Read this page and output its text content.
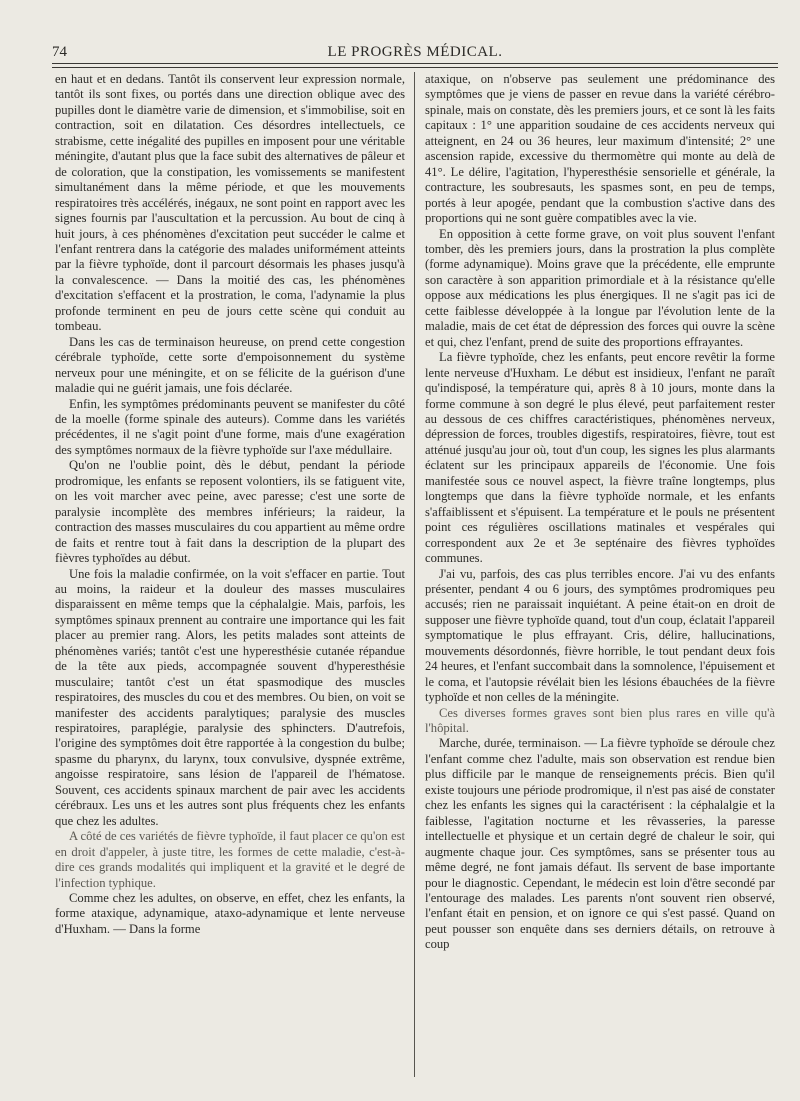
74	LE PROGRÈS MÉDICAL.

en haut et en dedans. Tantôt ils conservent leur expression normale, tantôt ils sont fixes, ou portés dans une direction oblique avec des pupilles dont le diamètre varie de dimension, et s'immobilise, soit en contraction, soit en dilatation. Ces désordres intellectuels, ce strabisme, cette inégalité des pupilles en imposent pour une véritable méningite, d'autant plus que la face subit des alternatives de pâleur et de coloration, que la constipation, les vomissements se manifestent simultanément dans la même période, et que les mouvements respiratoires très accélérés, inégaux, ne sont point en rapport avec les signes fournis par l'auscultation et la percussion. Au bout de cinq à huit jours, à ces phénomènes d'excitation peut succéder le calme et l'enfant rentrera dans la catégorie des malades uniformément atteints par la fièvre typhoïde, dont il parcourt désormais les phases jusqu'à la convalescence. — Dans la moitié des cas, les phénomènes d'excitation s'effacent et la prostration, le coma, l'adynamie la plus profonde terminent en peu de jours cette scène qui conduit au tombeau.

Dans les cas de terminaison heureuse, on prend cette congestion cérébrale typhoïde, cette sorte d'empoisonnement du système nerveux pour une méningite, et on se félicite de la guérison d'une maladie qui ne guérit jamais, une fois déclarée.

Enfin, les symptômes prédominants peuvent se manifester du côté de la moelle (forme spinale des auteurs). Comme dans les variétés précédentes, il ne s'agit point d'une forme, mais d'une exagération des symptômes normaux de la fièvre typhoïde sur l'axe médullaire.

Qu'on ne l'oublie point, dès le début, pendant la période prodromique, les enfants se reposent volontiers, ils se fatiguent vite, on les voit marcher avec peine, avec paresse; c'est une sorte de paralysie incomplète des membres inférieurs; la raideur, la contraction des masses musculaires du cou appartient au même ordre de faits et rentre tout à fait dans la description de la plupart des fièvres typhoïdes au début.

Une fois la maladie confirmée, on la voit s'effacer en partie. Tout au moins, la raideur et la douleur des masses musculaires disparaissent en même temps que la céphalalgie. Mais, parfois, les symptômes spinaux prennent au contraire une importance qui les fait placer au premier rang. Alors, les petits malades sont atteints de phénomènes variés; tantôt c'est une hyperesthésie cutanée répandue de la tête aux pieds, accompagnée souvent d'hyperesthésie musculaire; tantôt c'est un état spasmodique des muscles respiratoires, des muscles du cou et des membres. Ou bien, on voit se manifester des accidents paralytiques; paralysie des muscles respiratoires, paraplégie, paralysie des sphincters. D'autrefois, l'origine des symptômes doit être rapportée à la congestion du bulbe; spasme du pharynx, du larynx, toux convulsive, dyspnée extrême, angoisse respiratoire, sans lésion de l'appareil de l'hématose. Souvent, ces accidents spinaux marchent de pair avec les accidents cérébraux. Les uns et les autres sont plus fréquents chez les enfants que chez les adultes.

A côté de ces variétés de fièvre typhoïde, il faut placer ce qu'on est en droit d'appeler, à juste titre, les formes de cette maladie, c'est-à-dire ces grands modalités qui impliquent et la gravité et le degré de l'infection typhique.

Comme chez les adultes, on observe, en effet, chez les enfants, la forme ataxique, adynamique, ataxo-adynamique et lente nerveuse d'Huxham. — Dans la forme

ataxique, on n'observe pas seulement une prédominance des symptômes que je viens de passer en revue dans la variété cérébro-spinale, mais on constate, dès les premiers jours, et ce sont là les faits capitaux : 1° une apparition soudaine de ces accidents nerveux qui atteignent, en 24 ou 36 heures, leur maximum d'intensité; 2° une ascension rapide, excessive du thermomètre qui monte au delà de 41°. Le délire, l'agitation, l'hyperesthésie sensorielle et générale, la contracture, les soubresauts, les spasmes sont, en peu de temps, portés à leur apogée, pendant que la combustion s'active dans des proportions qui ne sont guère compatibles avec la vie.

En opposition à cette forme grave, on voit plus souvent l'enfant tomber, dès les premiers jours, dans la prostration la plus complète (forme adynamique). Moins grave que la précédente, elle emprunte son caractère à son apparition primordiale et à la résistance qu'elle oppose aux médications les plus énergiques. Il ne s'agit pas ici de cette faiblesse développée à la longue par l'évolution lente de la maladie, mais de cet état de dépression des forces qui ouvre la scène et qui, chez l'enfant, prend de suite des proportions effrayantes.

La fièvre typhoïde, chez les enfants, peut encore revêtir la forme lente nerveuse d'Huxham. Le début est insidieux, l'enfant ne paraît qu'indisposé, la température qui, après 8 à 10 jours, monte dans la forme commune à son degré le plus élevé, peut parfaitement rester au dessous de ces chiffres caractéristiques, phénomènes nerveux, dépression de forces, troubles digestifs, respiratoires, fièvre, tout est atténué jusqu'au jour où, tout d'un coup, les signes les plus alarmants éclatent sur les principaux appareils de l'économie. Une fois manifestée sous ce nouvel aspect, la fièvre traîne longtemps, plus longtemps que dans la fièvre typhoïde normale, et les enfants s'affaiblissent et s'épuisent. La température et le pouls ne présentent point ces régulières oscillations matinales et vespérales qui correspondent aux 2e et 3e septénaire des fièvres typhoïdes communes.

J'ai vu, parfois, des cas plus terribles encore. J'ai vu des enfants présenter, pendant 4 ou 6 jours, des symptômes prodromiques peu accusés; rien ne paraissait inquiétant. A peine était-on en droit de supposer une fièvre typhoïde quand, tout d'un coup, éclatait l'appareil symptomatique le plus effrayant. Cris, délire, hallucinations, mouvements désordonnés, fièvre horrible, le tout pendant deux fois 24 heures, et l'enfant succombait dans la somnolence, l'épuisement et le coma, et l'autopsie révélait bien les lésions ébauchées de la fièvre typhoïde et non celles de la méningite.

Ces diverses formes graves sont bien plus rares en ville qu'à l'hôpital.

Marche, durée, terminaison. — La fièvre typhoïde se déroule chez l'enfant comme chez l'adulte, mais son observation est rendue bien plus difficile par le manque de renseignements précis. Bien qu'il existe toujours une période prodromique, il n'est pas aisé de constater chez les enfants les signes qui la caractérisent : la céphalalgie et la faiblesse, l'agitation nocturne et les rêvasseries, la paresse intellectuelle et physique et un certain degré de chaleur le soir, qui augmente chaque jour. Ces symptômes, sans se présenter tous au même degré, ne font jamais défaut. Ils servent de base importante pour le diagnostic. Cependant, le médecin est loin d'être secondé par l'entourage des malades. Les parents n'ont souvent rien observé, l'enfant était en pension, et on ignore ce qui s'est passé. Quand on peut pousser son enquête dans ses derniers détails, on retrouve à coup
